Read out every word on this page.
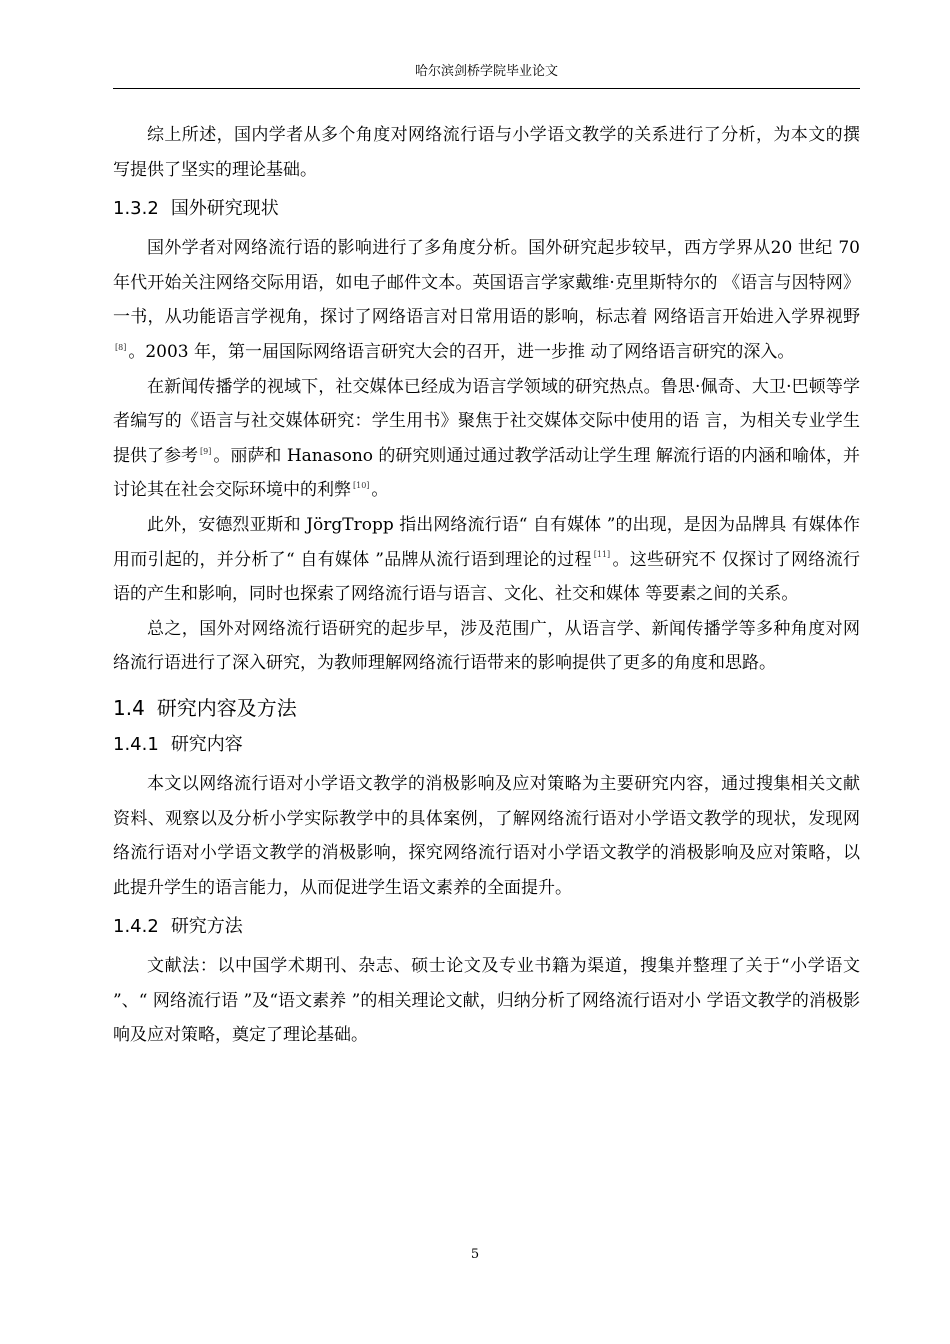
哈尔滨剑桥学院毕业论文

综上所述，国内学者从多个角度对网络流行语与小学语文教学的关系进行了分析，为本文的撰写提供了坚实的理论基础。

1.3.2 国外研究现状

国外学者对网络流行语的影响进行了多角度分析。国外研究起步较早，西方学界从20 世纪 70 年代开始关注网络交际用语，如电子邮件文本。英国语言学家戴维·克里斯特尔的 《语言与因特网》一书，从功能语言学视角，探讨了网络语言对日常用语的影响，标志着 网络语言开始进入学界视野[8] 。2003 年，第一届国际网络语言研究大会的召开，进一步推 动了网络语言研究的深入。

在新闻传播学的视域下，社交媒体已经成为语言学领域的研究热点。鲁思·佩奇、大卫·巴顿等学者编写的《语言与社交媒体研究：学生用书》聚焦于社交媒体交际中使用的语 言，为相关专业学生提供了参考 [9] 。丽萨和 Hanasono 的研究则通过通过教学活动让学生理 解流行语的内涵和喻体，并讨论其在社会交际环境中的利弊 [10] 。

此外，安德烈亚斯和 JörgTropp 指出网络流行语“ 自有媒体 ”的出现，是因为品牌具 有媒体作用而引起的，并分析了“ 自有媒体 ”品牌从流行语到理论的过程 [11] 。这些研究不 仅探讨了网络流行语的产生和影响，同时也探索了网络流行语与语言、文化、社交和媒体 等要素之间的关系。

总之，国外对网络流行语研究的起步早，涉及范围广，从语言学、新闻传播学等多种角度对网络流行语进行了深入研究，为教师理解网络流行语带来的影响提供了更多的角度和思路。

1.4 研究内容及方法
1.4.1 研究内容

本文以网络流行语对小学语文教学的消极影响及应对策略为主要研究内容，通过搜集相关文献资料、观察以及分析小学实际教学中的具体案例，了解网络流行语对小学语文教学的现状，发现网络流行语对小学语文教学的消极影响，探究网络流行语对小学语文教学的消极影响及应对策略，以此提升学生的语言能力，从而促进学生语文素养的全面提升。

1.4.2 研究方法

文献法：以中国学术期刊、杂志、硕士论文及专业书籍为渠道，搜集并整理了关于“小学语文 ”、“ 网络流行语 ”及“语文素养 ”的相关理论文献，归纳分析了网络流行语对小 学语文教学的消极影响及应对策略，奠定了理论基础。

5
